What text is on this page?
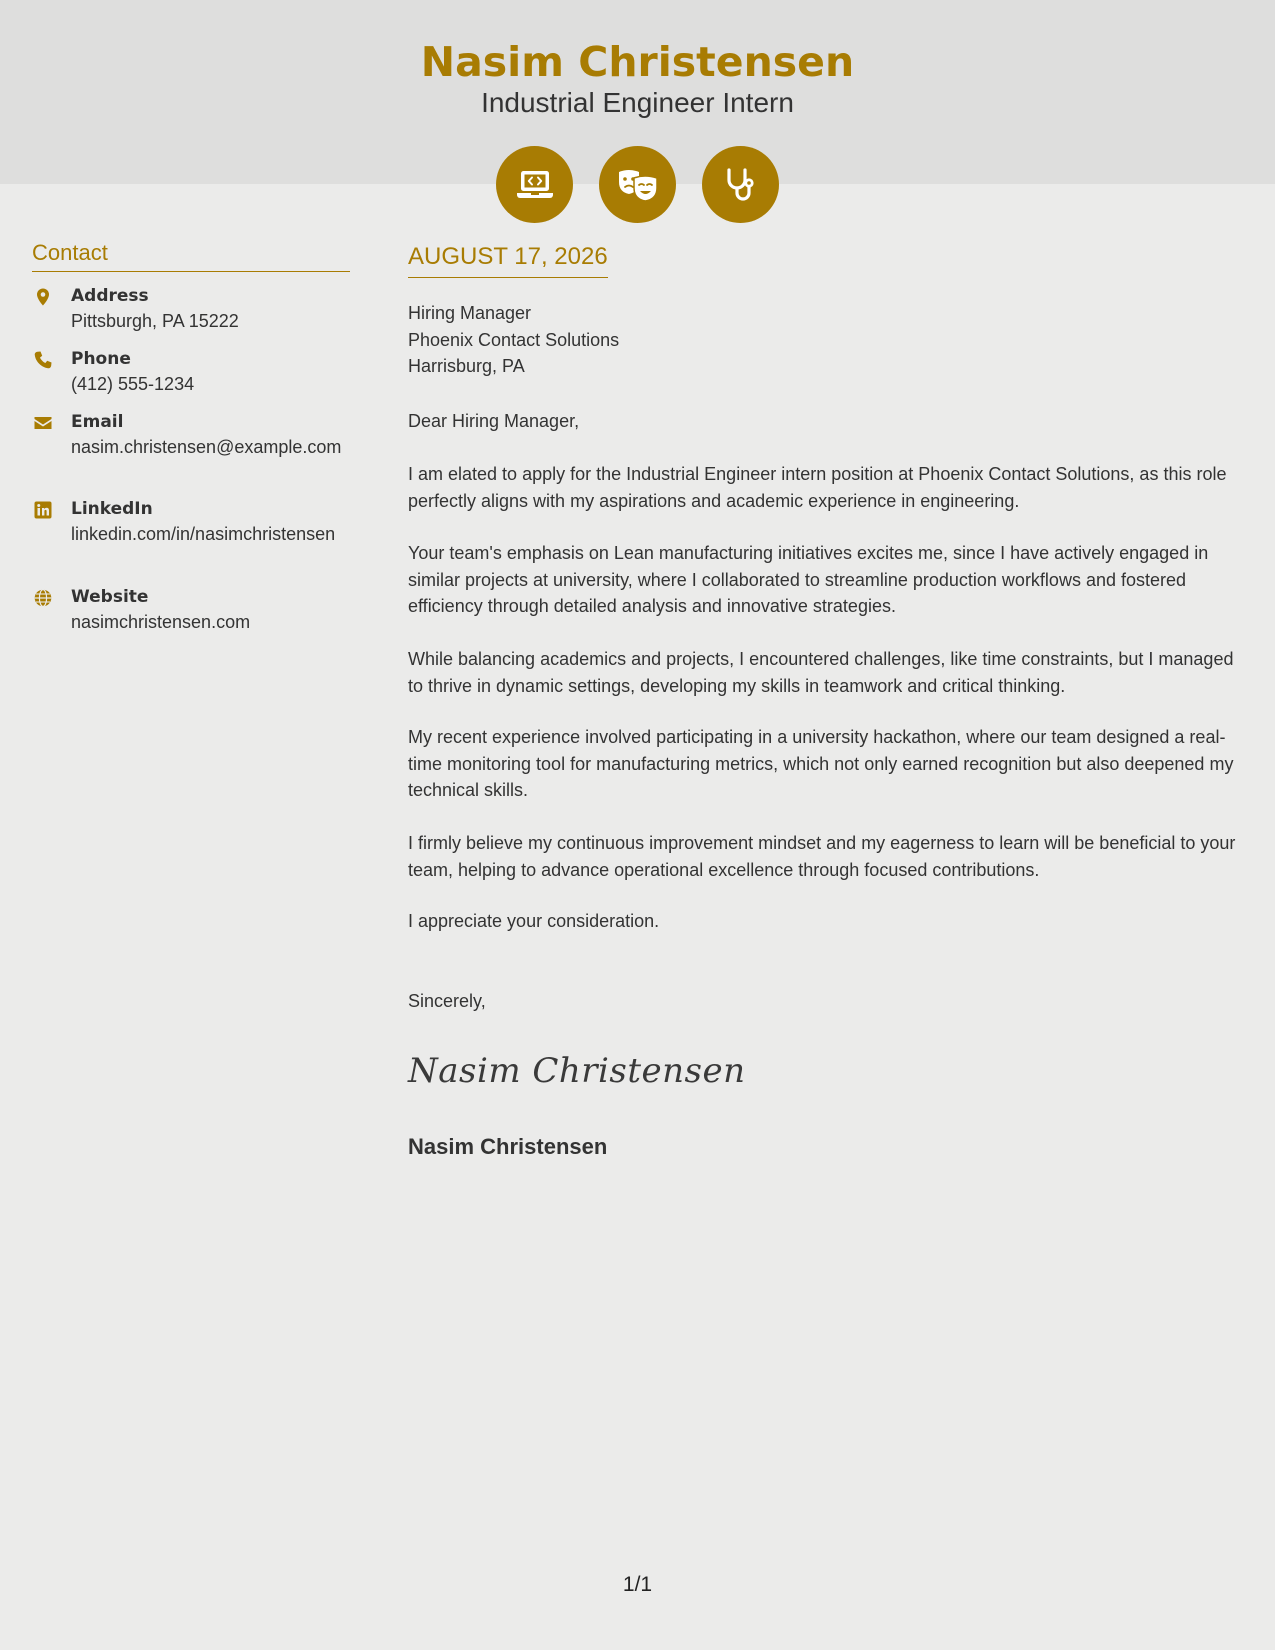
Nasim Christensen
Industrial Engineer Intern
Contact
Address
Pittsburgh, PA 15222
Phone
(412) 555-1234
Email
nasim.christensen@example.com
LinkedIn
linkedin.com/in/nasimchristensen
Website
nasimchristensen.com
AUGUST 17, 2026
Hiring Manager
Phoenix Contact Solutions
Harrisburg, PA

Dear Hiring Manager,

I am elated to apply for the Industrial Engineer intern position at Phoenix Contact Solutions, as this role perfectly aligns with my aspirations and academic experience in engineering.

Your team's emphasis on Lean manufacturing initiatives excites me, since I have actively engaged in similar projects at university, where I collaborated to streamline production workflows and fostered efficiency through detailed analysis and innovative strategies.

While balancing academics and projects, I encountered challenges, like time constraints, but I managed to thrive in dynamic settings, developing my skills in teamwork and critical thinking.

My recent experience involved participating in a university hackathon, where our team designed a real-time monitoring tool for manufacturing metrics, which not only earned recognition but also deepened my technical skills.

I firmly believe my continuous improvement mindset and my eagerness to learn will be beneficial to your team, helping to advance operational excellence through focused contributions.

I appreciate your consideration.

Sincerely,

Nasim Christensen
Nasim Christensen
1/1
